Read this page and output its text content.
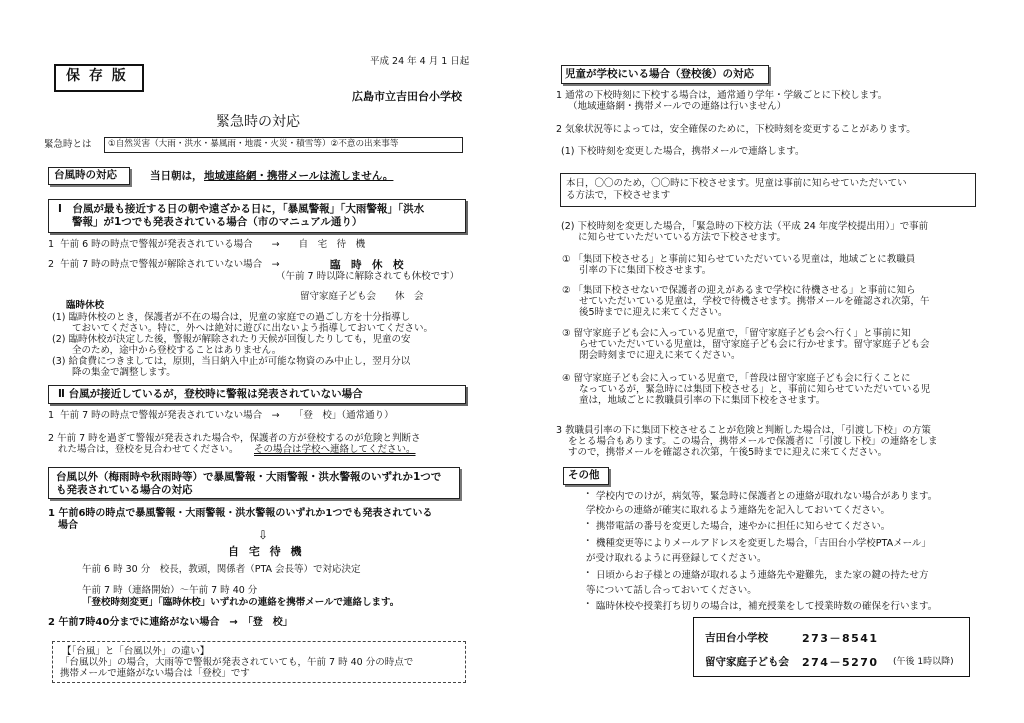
保 存 版
平成 24 年 4 月 1 日起
広島市立吉田台小学校
緊急時の対応
緊急時とは ①自然災害（大雨・洪水・暴風雨・地震・火災・積雪等）②不意の出来事等
台風時の対応	当日朝は， 地域連絡網・携帯メールは流しません。
Ⅰ　台風が最も接近する日の朝や遠ざかる日に，「暴風警報」「大雨警報」「洪水
警報」が1つでも発表されている場合（市のマニュアル通り）
1  午前 6 時の時点で警報が発表されている場合　　→　　自　宅　待　機
2  午前 7 時の時点で警報が解除されていない場合　→	臨　時　休　校
（午前 7 時以降に解除されても休校です）
留守家庭子ども会　　休　会
臨時休校
(1) 臨時休校のとき，保護者が不在の場合は，児童の家庭での過ごし方を十分指導し
ておいてください。特に，外へは絶対に遊びに出ないよう指導しておいてください。
(2) 臨時休校が決定した後，警報が解除されたり天候が回復したりしても，児童の安
全のため，途中から登校することはありません。
(3) 給食費につきましては，原則，当日納入中止が可能な物資のみ中止し，翌月分以
降の集金で調整します。
Ⅱ 台風が接近しているが，登校時に警報は発表されていない場合
1  午前 7 時の時点で警報が発表されていない場合　→　　「登　校」（通常通り）
2 午前 7 時を過ぎて警報が発表された場合や，保護者の方が登校するのが危険と判断さ
れた場合は，登校を見合わせてください。 その場合は学校へ連絡してください。
台風以外（梅雨時や秋雨時等）で暴風警報・大雨警報・洪水警報のいずれか1つで
も発表されている場合の対応
1 午前6時の時点で暴風警報・大雨警報・洪水警報のいずれか1つでも発表されている
場合
⇩
自 宅 待 機
午前 6 時 30 分　校長，教頭，関係者（PTA 会長等）で対応決定
午前 7 時（連絡開始）～午前 7 時 40 分
「登校時刻変更」「臨時休校」いずれかの連絡を携帯メールで連絡します。
2 午前7時40分までに連絡がない場合　→　「登　校」
【「台風」と「台風以外」の違い】
「台風以外」の場合，大雨等で警報が発表されていても，午前 7 時 40 分の時点で
携帯メールで連絡がない場合は「登校」です
児童が学校にいる場合（登校後）の対応
1 通常の下校時刻に下校する場合は，通常通り学年・学級ごとに下校します。
（地域連絡網・携帯メールでの連絡は行いません）
2 気象状況等によっては，安全確保のために，下校時刻を変更することがあります。
(1) 下校時刻を変更した場合，携帯メールで連絡します。
本日，〇〇のため，〇〇時に下校させます。児童は事前に知らせていただいてい
る方法で，下校させます
(2) 下校時刻を変更した場合，「緊急時の下校方法（平成 24 年度学校提出用）」で事前
に知らせていただいている方法で下校させます。
① 「集団下校させる」と事前に知らせていただいている児童は，地域ごとに教職員
引率の下に集団下校させます。
② 「集団下校させないで保護者の迎えがあるまで学校に待機させる」と事前に知ら
せていただいている児童は，学校で待機させます。携帯メールを確認され次第，午
後5時までに迎えに来てください。
③ 留守家庭子ども会に入っている児童で，「留守家庭子ども会へ行く」と事前に知
らせていただいている児童は，留守家庭子ども会に行かせます。留守家庭子ども会
閉会時刻までに迎えに来てください。
④ 留守家庭子ども会に入っている児童で，「普段は留守家庭子ども会に行くことに
なっているが，緊急時には集団下校させる」と，事前に知らせていただいている児
童は，地域ごとに教職員引率の下に集団下校をさせます。
3 教職員引率の下に集団下校させることが危険と判断した場合は，「引渡し下校」の方策
をとる場合もあります。この場合，携帯メールで保護者に「引渡し下校」の連絡をしま
すので，携帯メールを確認され次第，午後5時までに迎えに来てください。
その他
・ 学校内でのけが，病気等，緊急時に保護者との連絡が取れない場合があります。
学校からの連絡が確実に取れるよう連絡先を記入しておいてください。
・ 携帯電話の番号を変更した場合，速やかに担任に知らせてください。
・ 機種変更等によりメールアドレスを変更した場合，「吉田台小学校PTAメール」
が受け取れるように再登録してください。
・ 日頃からお子様との連絡が取れるよう連絡先や避難先，また家の鍵の持たせ方
等について話し合っておいてください。
・ 臨時休校や授業打ち切りの場合は，補充授業をして授業時数の確保を行います。
吉田台小学校	273－8541
留守家庭子ども会 274－5270 (午後 1時以降)
